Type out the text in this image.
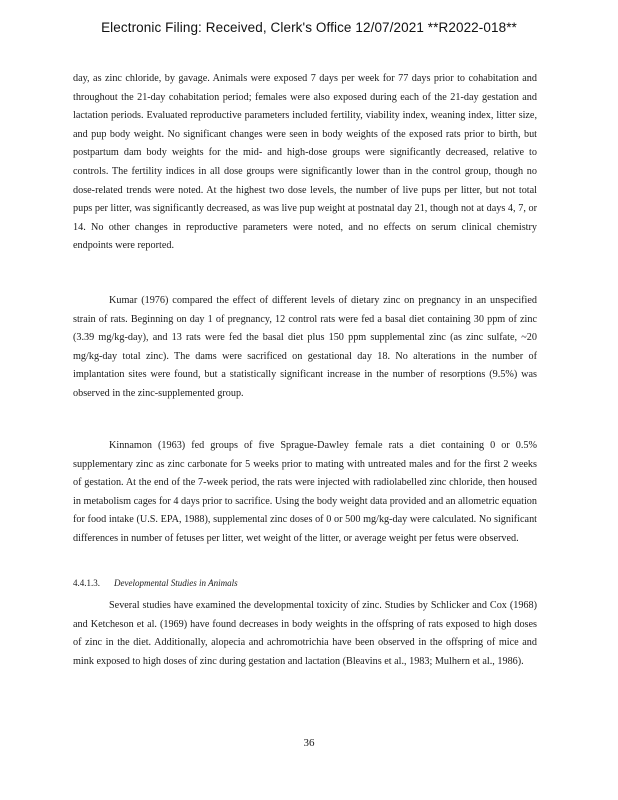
Electronic Filing: Received, Clerk's Office 12/07/2021 **R2022-018**
day, as zinc chloride, by gavage. Animals were exposed 7 days per week for 77 days prior to cohabitation and throughout the 21-day cohabitation period; females were also exposed during each of the 21-day gestation and lactation periods. Evaluated reproductive parameters included fertility, viability index, weaning index, litter size, and pup body weight. No significant changes were seen in body weights of the exposed rats prior to birth, but postpartum dam body weights for the mid- and high-dose groups were significantly decreased, relative to controls. The fertility indices in all dose groups were significantly lower than in the control group, though no dose-related trends were noted. At the highest two dose levels, the number of live pups per litter, but not total pups per litter, was significantly decreased, as was live pup weight at postnatal day 21, though not at days 4, 7, or 14. No other changes in reproductive parameters were noted, and no effects on serum clinical chemistry endpoints were reported.
Kumar (1976) compared the effect of different levels of dietary zinc on pregnancy in an unspecified strain of rats. Beginning on day 1 of pregnancy, 12 control rats were fed a basal diet containing 30 ppm of zinc (3.39 mg/kg-day), and 13 rats were fed the basal diet plus 150 ppm supplemental zinc (as zinc sulfate, ~20 mg/kg-day total zinc). The dams were sacrificed on gestational day 18. No alterations in the number of implantation sites were found, but a statistically significant increase in the number of resorptions (9.5%) was observed in the zinc-supplemented group.
Kinnamon (1963) fed groups of five Sprague-Dawley female rats a diet containing 0 or 0.5% supplementary zinc as zinc carbonate for 5 weeks prior to mating with untreated males and for the first 2 weeks of gestation. At the end of the 7-week period, the rats were injected with radiolabelled zinc chloride, then housed in metabolism cages for 4 days prior to sacrifice. Using the body weight data provided and an allometric equation for food intake (U.S. EPA, 1988), supplemental zinc doses of 0 or 500 mg/kg-day were calculated. No significant differences in number of fetuses per litter, wet weight of the litter, or average weight per fetus were observed.
4.4.1.3. Developmental Studies in Animals
Several studies have examined the developmental toxicity of zinc. Studies by Schlicker and Cox (1968) and Ketcheson et al. (1969) have found decreases in body weights in the offspring of rats exposed to high doses of zinc in the diet. Additionally, alopecia and achromotrichia have been observed in the offspring of mice and mink exposed to high doses of zinc during gestation and lactation (Bleavins et al., 1983; Mulhern et al., 1986).
36
